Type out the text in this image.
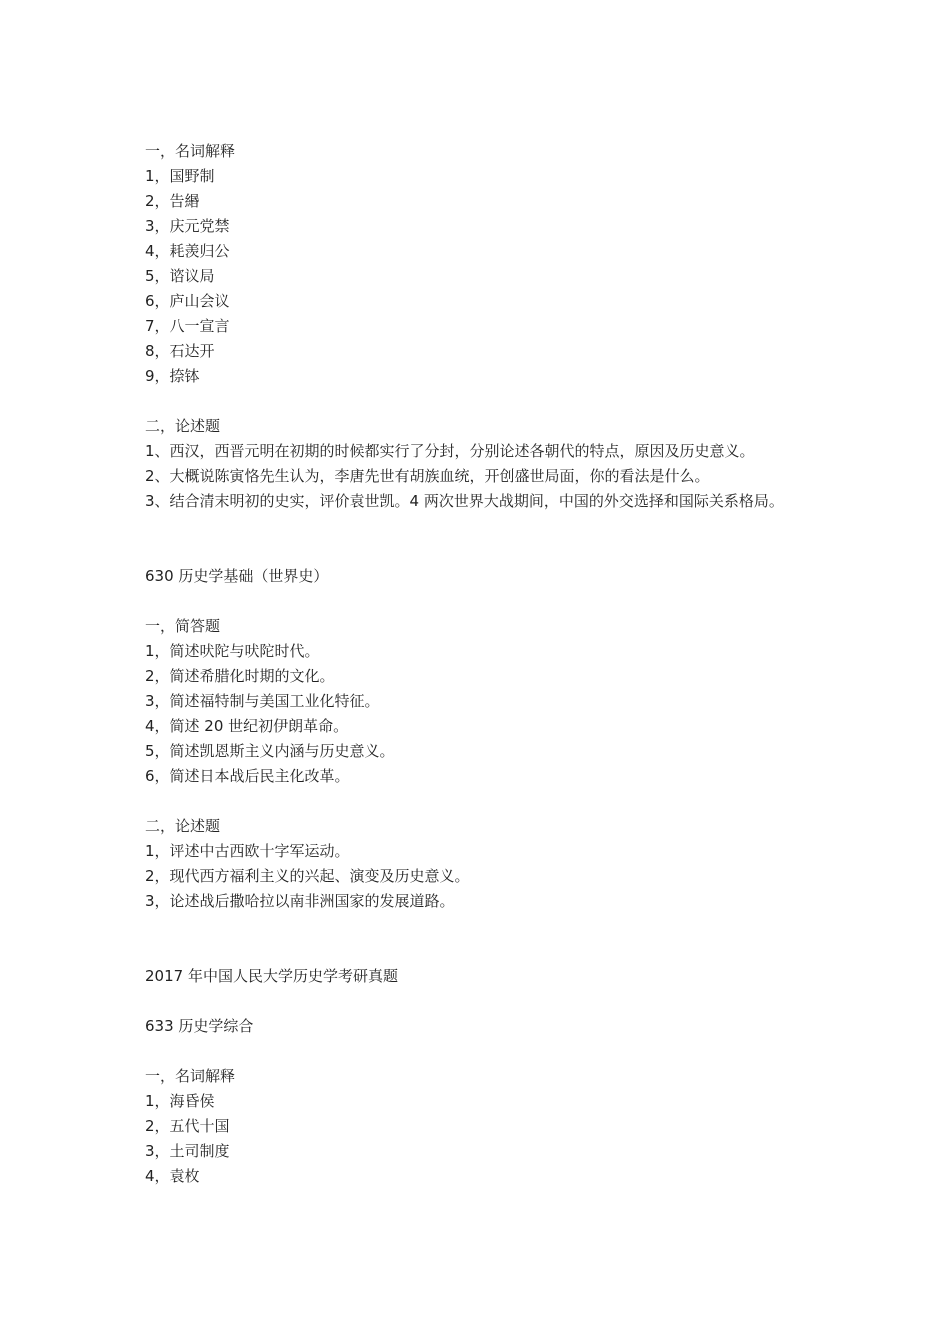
一，名词解释

1，国野制

2，告緡

3，庆元党禁

4，耗羡归公

5，谘议局

6，庐山会议

7，八一宣言

8，石达开

9，捺钵

二，论述题

1、西汉，西晋元明在初期的时候都实行了分封，分别论述各朝代的特点，原因及历史意义。

2、大概说陈寅恪先生认为，李唐先世有胡族血统，开创盛世局面，你的看法是什么。

3、结合清末明初的史实，评价袁世凯。4 两次世界大战期间，中国的外交选择和国际关系格局。

630 历史学基础（世界史）

一，简答题

1，简述吠陀与吠陀时代。

2，简述希腊化时期的文化。

3，简述福特制与美国工业化特征。

4，简述 20 世纪初伊朗革命。

5，简述凯恩斯主义内涵与历史意义。

6，简述日本战后民主化改革。

二，论述题

1，评述中古西欧十字军运动。

2，现代西方福利主义的兴起、演变及历史意义。

3，论述战后撒哈拉以南非洲国家的发展道路。

2017 年中国人民大学历史学考研真题

633 历史学综合

一，名词解释

1，海昏侯

2，五代十国

3，土司制度

4，袁枚
